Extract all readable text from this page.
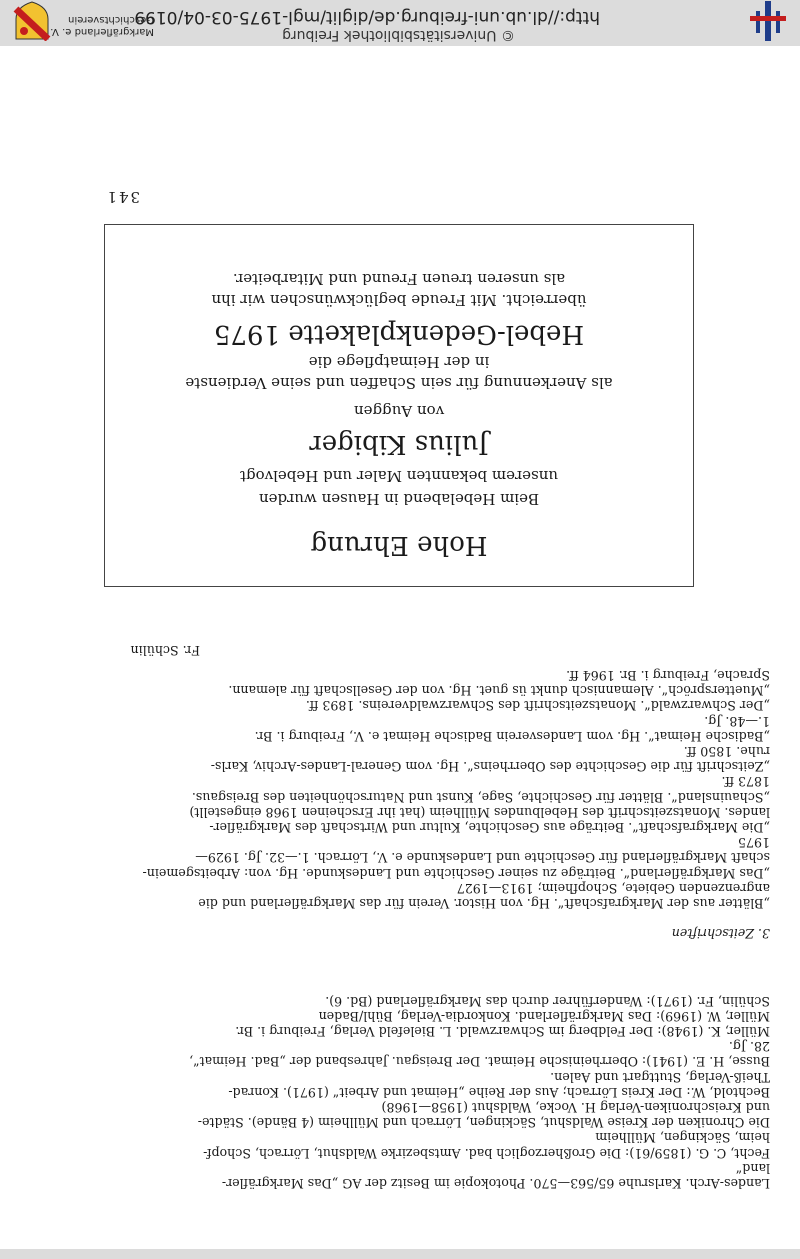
© Universitätsbibliothek Freiburg
http://dl.ub.uni-freiburg.de/diglit/mgl-1975-03-04/0199
Markgräflerland e. V.
Geschichtsverein
341
Hohe Ehrung
Beim Hebelabend in Hausen wurden
unserem bekannten Maler und Hebelvogt
Julius Kibiger
von Auggen
als Anerkennung für sein Schaffen und seine Verdienste
in der Heimatpflege die
Hebel-Gedenkplakette 1975
überreicht. Mit Freude beglückwünschen wir ihn
als unseren treuen Freund und Mitarbeiter.
Fr. Schülin
„Blätter aus der Markgrafschaft“. Hg. von Histor. Verein für das Markgräflerland und die
angrenzenden Gebiete, Schopfheim; 1913—1927
„Das Markgräflerland“. Beiträge zu seiner Geschichte und Landeskunde. Hg. von: Arbeitsgemein-
schaft Markgräflerland für Geschichte und Landeskunde e. V., Lörrach. 1.—32. Jg. 1929—
1975
„Die Markgrafschaft“. Beiträge aus Geschichte, Kultur und Wirtschaft des Markgräfler-
landes. Monatszeitschrift des Hebelbundes Müllheim (hat ihr Erscheinen 1968 eingestellt)
„Schauinsland“. Blätter für Geschichte, Sage, Kunst und Naturschönheiten des Breisgaus.
1873 ff.
„Zeitschrift für die Geschichte des Oberrheins“. Hg. vom General-Landes-Archiv, Karls-
ruhe. 1850 ff.
„Badische Heimat“. Hg. vom Landesverein Badische Heimat e. V., Freiburg i. Br.
1.—48. Jg.
„Der Schwarzwald“. Monatszeitschrift des Schwarzwaldvereins. 1893 ff.
„Muetterspröch“. Alemannisch dunkt üs guet. Hg. von der Gesellschaft für alemann.
Sprache, Freiburg i. Br. 1964 ff.
3. Zeitschriften
Landes-Arch. Karlsruhe 65/563—570. Photokopie im Besitz der AG „Das Markgräfler-
land“
Fecht, C. G. (1859/61): Die Großherzoglich bad. Amtsbezirke Waldshut, Lörrach, Schopf-
heim, Säckingen, Müllheim
Die Chroniken der Kreise Waldshut, Säckingen, Lörrach und Müllheim (4 Bände). Städte-
und Kreischroniken-Verlag H. Vocke, Waldshut (1958—1968)
Bechtold, W.: Der Kreis Lörrach; Aus der Reihe „Heimat und Arbeit“ (1971). Konrad-
Theiß-Verlag, Stuttgart und Aalen.
Busse, H. E. (1941): Oberrheinische Heimat. Der Breisgau. Jahresband der „Bad. Heimat“,
28. Jg.
Müller, K. (1948): Der Feldberg im Schwarzwald. L. Bielefeld Verlag, Freiburg i. Br.
Müller, W. (1969): Das Markgräflerland. Konkordia-Verlag, Bühl/Baden
Schülin, Fr. (1971): Wanderführer durch das Markgräflerland (Bd. 6).
